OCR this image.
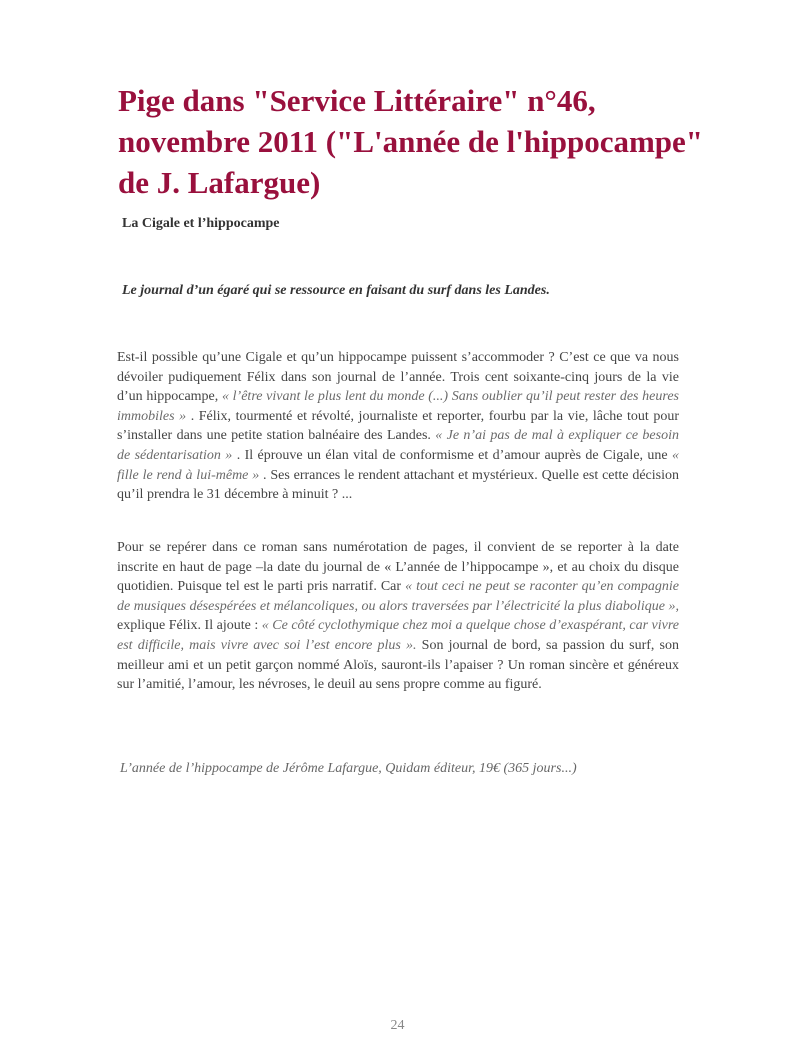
Pige dans "Service Littéraire" n°46, novembre 2011 ("L'année de l'hippocampe" de J. Lafargue)

La Cigale et l’hippocampe

Le journal d’un égaré qui se ressource en faisant du surf dans les Landes.

Est-il possible qu’une Cigale et qu’un hippocampe puissent s’accommoder ? C’est ce que va nous dévoiler pudiquement Félix dans son journal de l’année. Trois cent soixante-cinq jours de la vie d’un hippocampe, « l’être vivant le plus lent du monde (...) Sans oublier qu’il peut rester des heures immobiles » . Félix, tourmenté et révolté, journaliste et reporter, fourbu par la vie, lâche tout pour s’installer dans une petite station balnéaire des Landes. « Je n’ai pas de mal à expliquer ce besoin de sédentarisation » . Il éprouve un élan vital de conformisme et d’amour auprès de Cigale, une « fille le rend à lui-même » . Ses errances le rendent attachant et mystérieux. Quelle est cette décision qu’il prendra le 31 décembre à minuit ? ...

Pour se repérer dans ce roman sans numérotation de pages, il convient de se reporter à la date inscrite en haut de page –la date du journal de « L’année de l’hippocampe », et au choix du disque quotidien. Puisque tel est le parti pris narratif. Car « tout ceci ne peut se raconter qu’en compagnie de musiques désespérées et mélancoliques, ou alors traversées par l’électricité la plus diabolique », explique Félix. Il ajoute : « Ce côté cyclothymique chez moi a quelque chose d’exaspérant, car vivre est difficile, mais vivre avec soi l’est encore plus ». Son journal de bord, sa passion du surf, son meilleur ami et un petit garçon nommé Aloïs, sauront-ils l’apaiser ? Un roman sincère et généreux sur l’amitié, l’amour, les névroses, le deuil au sens propre comme au figuré.

L’année de l’hippocampe de Jérôme Lafargue, Quidam éditeur, 19€ (365 jours...)

24
